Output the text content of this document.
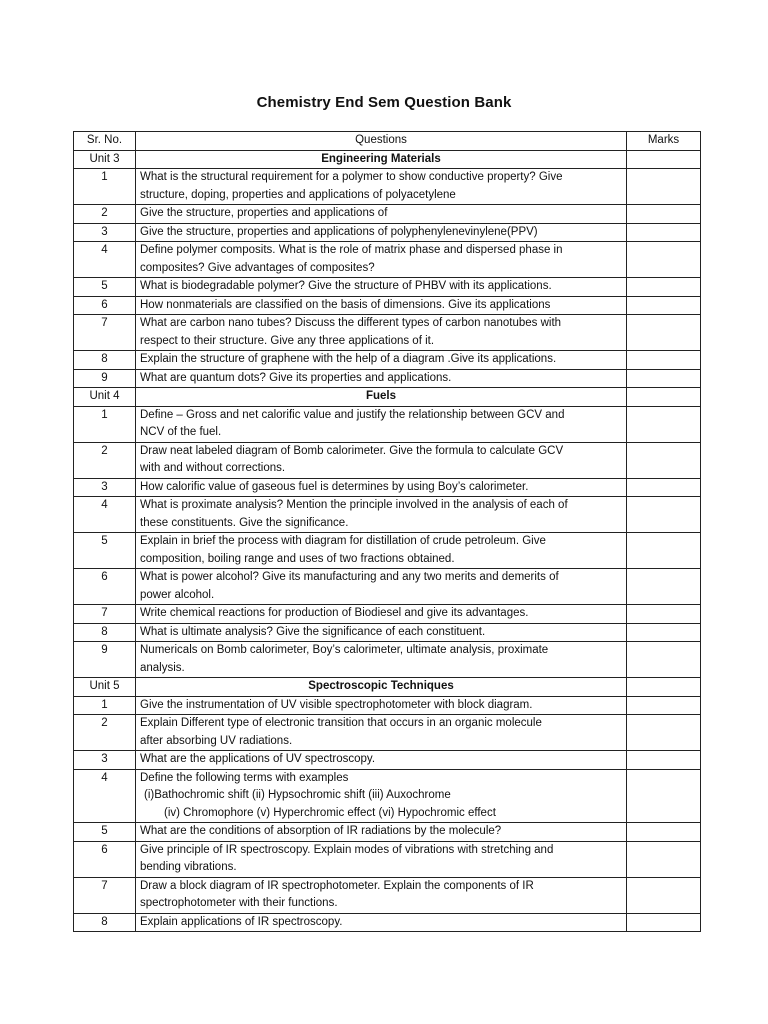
Chemistry End Sem Question Bank
Sr. No.	Questions	Marks
Unit 3	Engineering Materials	
1	What is the structural requirement for a polymer to show conductive property? Give
structure, doping, properties and applications of polyacetylene	

2	Give the structure, properties and applications of	

3	Give the structure, properties and applications of polyphenylenevinylene(PPV)	

4	Define polymer composits. What is the role of matrix phase and dispersed phase in
composites? Give advantages of composites?	

5	What is biodegradable polymer? Give the structure of PHBV with its applications.	

6	How nonmaterials are classified on the basis of dimensions. Give its applications	

7	What are carbon nano tubes? Discuss the different types of carbon nanotubes with
respect to their structure. Give any three applications of it.	

8	Explain the structure of graphene with the help of a diagram .Give its applications.	

9	What are quantum dots? Give its properties and applications.	

Unit 4	Fuels	
1	Define – Gross and net calorific value and justify the relationship between GCV and
NCV of the fuel.	

2	Draw neat labeled diagram of Bomb calorimeter. Give the formula to calculate GCV
with and without corrections.	

3	How calorific value of gaseous fuel is determines by using Boy’s calorimeter.	

4	What is proximate analysis? Mention the principle involved in the analysis of each of
these constituents. Give the significance.	

5	Explain in brief the process with diagram for distillation of crude petroleum. Give
composition, boiling range and uses of two fractions obtained.	

6	What is power alcohol? Give its manufacturing and any two merits and demerits of
power alcohol.	

7	Write chemical reactions for production of Biodiesel and give its advantages.	

8	What is ultimate analysis? Give the significance of each constituent.	

9	Numericals on Bomb calorimeter, Boy’s calorimeter, ultimate analysis, proximate
analysis.	

Unit 5	Spectroscopic Techniques	
1	Give the instrumentation of UV visible spectrophotometer with block diagram.	

2	Explain Different type of electronic transition that occurs in an organic molecule
after absorbing UV radiations.	

3	What are the applications of UV spectroscopy.	

4	Define the following terms with examples
(i)Bathochromic shift (ii) Hypsochromic shift (iii) Auxochrome
(iv) Chromophore (v) Hyperchromic effect (vi) Hypochromic effect	

5	What are the conditions of absorption of IR radiations by the molecule?	

6	Give principle of IR spectroscopy. Explain modes of vibrations with stretching and
bending vibrations.	

7	Draw a block diagram of IR spectrophotometer. Explain the components of IR
spectrophotometer with their functions.	

8	Explain applications of IR spectroscopy.	
